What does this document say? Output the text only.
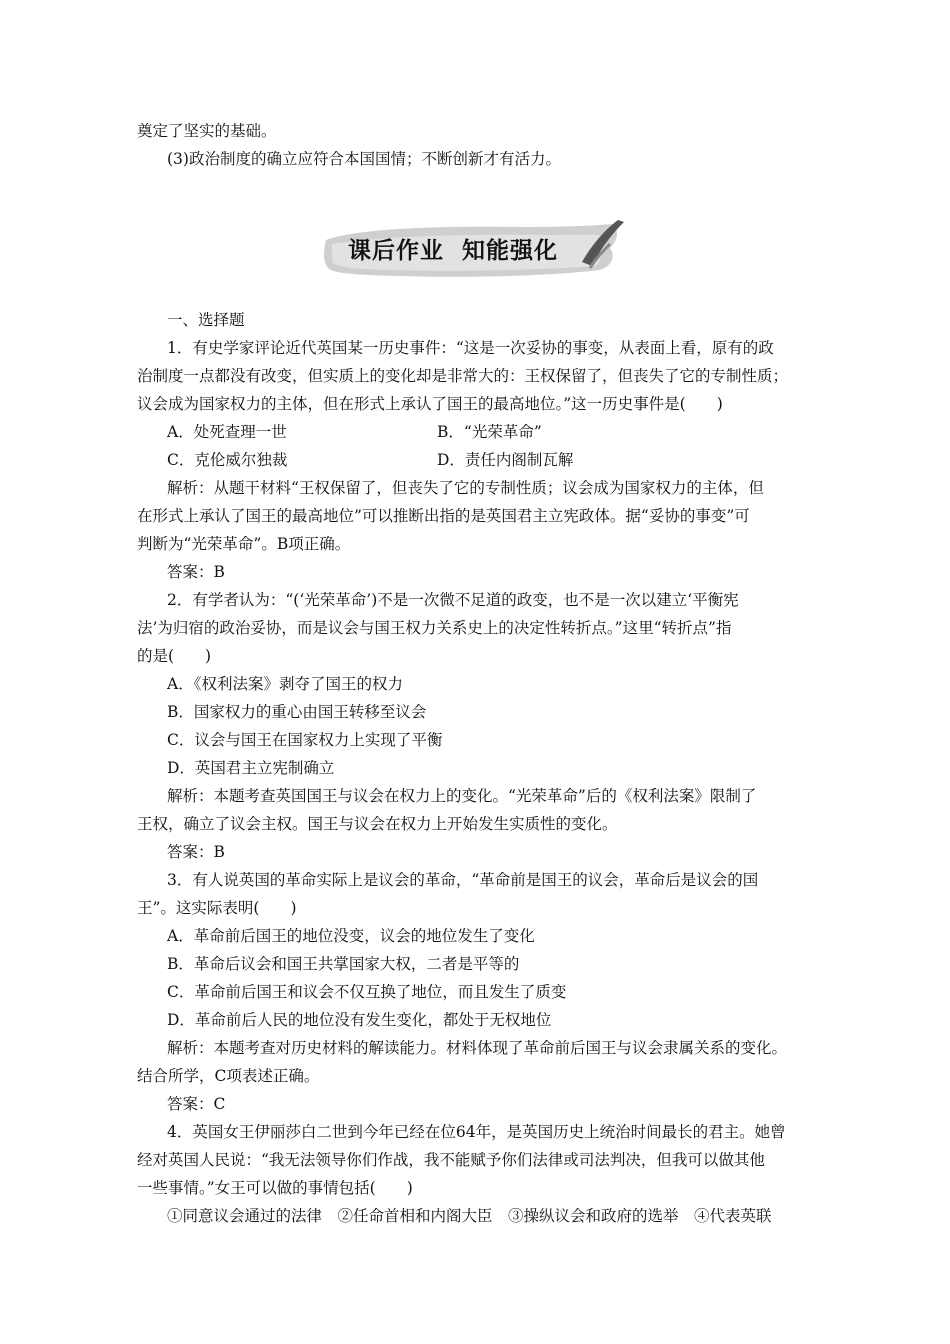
奠定了坚实的基础。
(3)政治制度的确立应符合本国国情；不断创新才有活力。
课后作业  知能强化
一、选择题
1．有史学家评论近代英国某一历史事件：“这是一次妥协的事变，从表面上看，原有的政
治制度一点都没有改变，但实质上的变化却是非常大的：王权保留了，但丧失了它的专制性质；
议会成为国家权力的主体，但在形式上承认了国王的最高地位。”这一历史事件是(　　)
A．处死查理一世	B．“光荣革命”
C．克伦威尔独裁	D．责任内阁制瓦解
解析：从题干材料“王权保留了，但丧失了它的专制性质；议会成为国家权力的主体，但
在形式上承认了国王的最高地位”可以推断出指的是英国君主立宪政体。据“妥协的事变”可
判断为“光荣革命”。B项正确。
答案：B
2．有学者认为：“(‘光荣革命’)不是一次微不足道的政变，也不是一次以建立‘平衡宪
法’为归宿的政治妥协，而是议会与国王权力关系史上的决定性转折点。”这里“转折点”指
的是(　　)
A．《权利法案》剥夺了国王的权力
B．国家权力的重心由国王转移至议会
C．议会与国王在国家权力上实现了平衡
D．英国君主立宪制确立
解析：本题考查英国国王与议会在权力上的变化。“光荣革命”后的《权利法案》限制了
王权，确立了议会主权。国王与议会在权力上开始发生实质性的变化。
答案：B
3．有人说英国的革命实际上是议会的革命，“革命前是国王的议会，革命后是议会的国
王”。这实际表明(　　)
A．革命前后国王的地位没变，议会的地位发生了变化
B．革命后议会和国王共掌国家大权，二者是平等的
C．革命前后国王和议会不仅互换了地位，而且发生了质变
D．革命前后人民的地位没有发生变化，都处于无权地位
解析：本题考查对历史材料的解读能力。材料体现了革命前后国王与议会隶属关系的变化。
结合所学，C项表述正确。
答案：C
4．英国女王伊丽莎白二世到今年已经在位64年，是英国历史上统治时间最长的君主。她曾
经对英国人民说：“我无法领导你们作战，我不能赋予你们法律或司法判决，但我可以做其他
一些事情。”女王可以做的事情包括(　　)
①同意议会通过的法律　②任命首相和内阁大臣　③操纵议会和政府的选举　④代表英联
